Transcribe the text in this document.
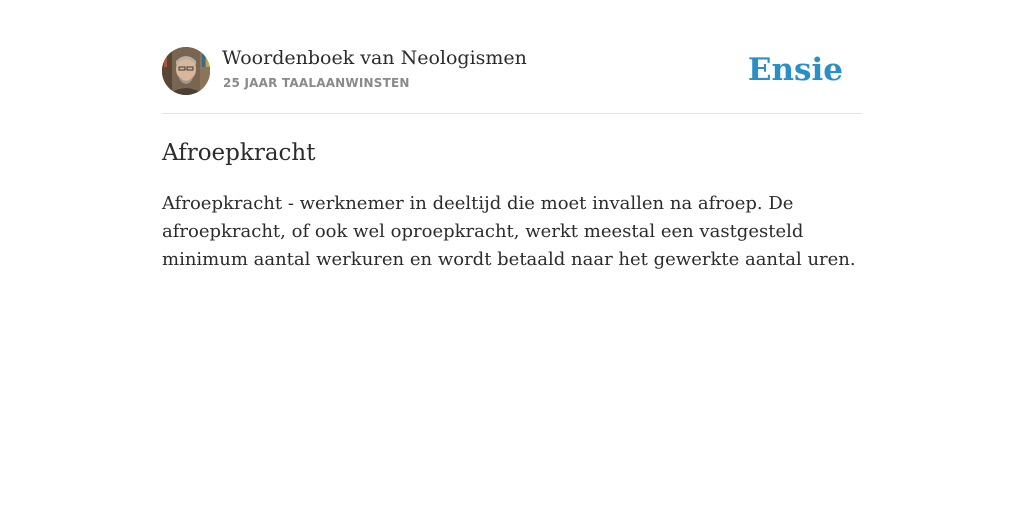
Woordenboek van Neologismen
25 JAAR TAALAANWINSTEN	Ensie
Afroepkracht

Afroepkracht - werknemer in deeltijd die moet invallen na afroep. De afroepkracht, of ook wel oproepkracht, werkt meestal een vastgesteld minimum aantal werkuren en wordt betaald naar het gewerkte aantal uren.
